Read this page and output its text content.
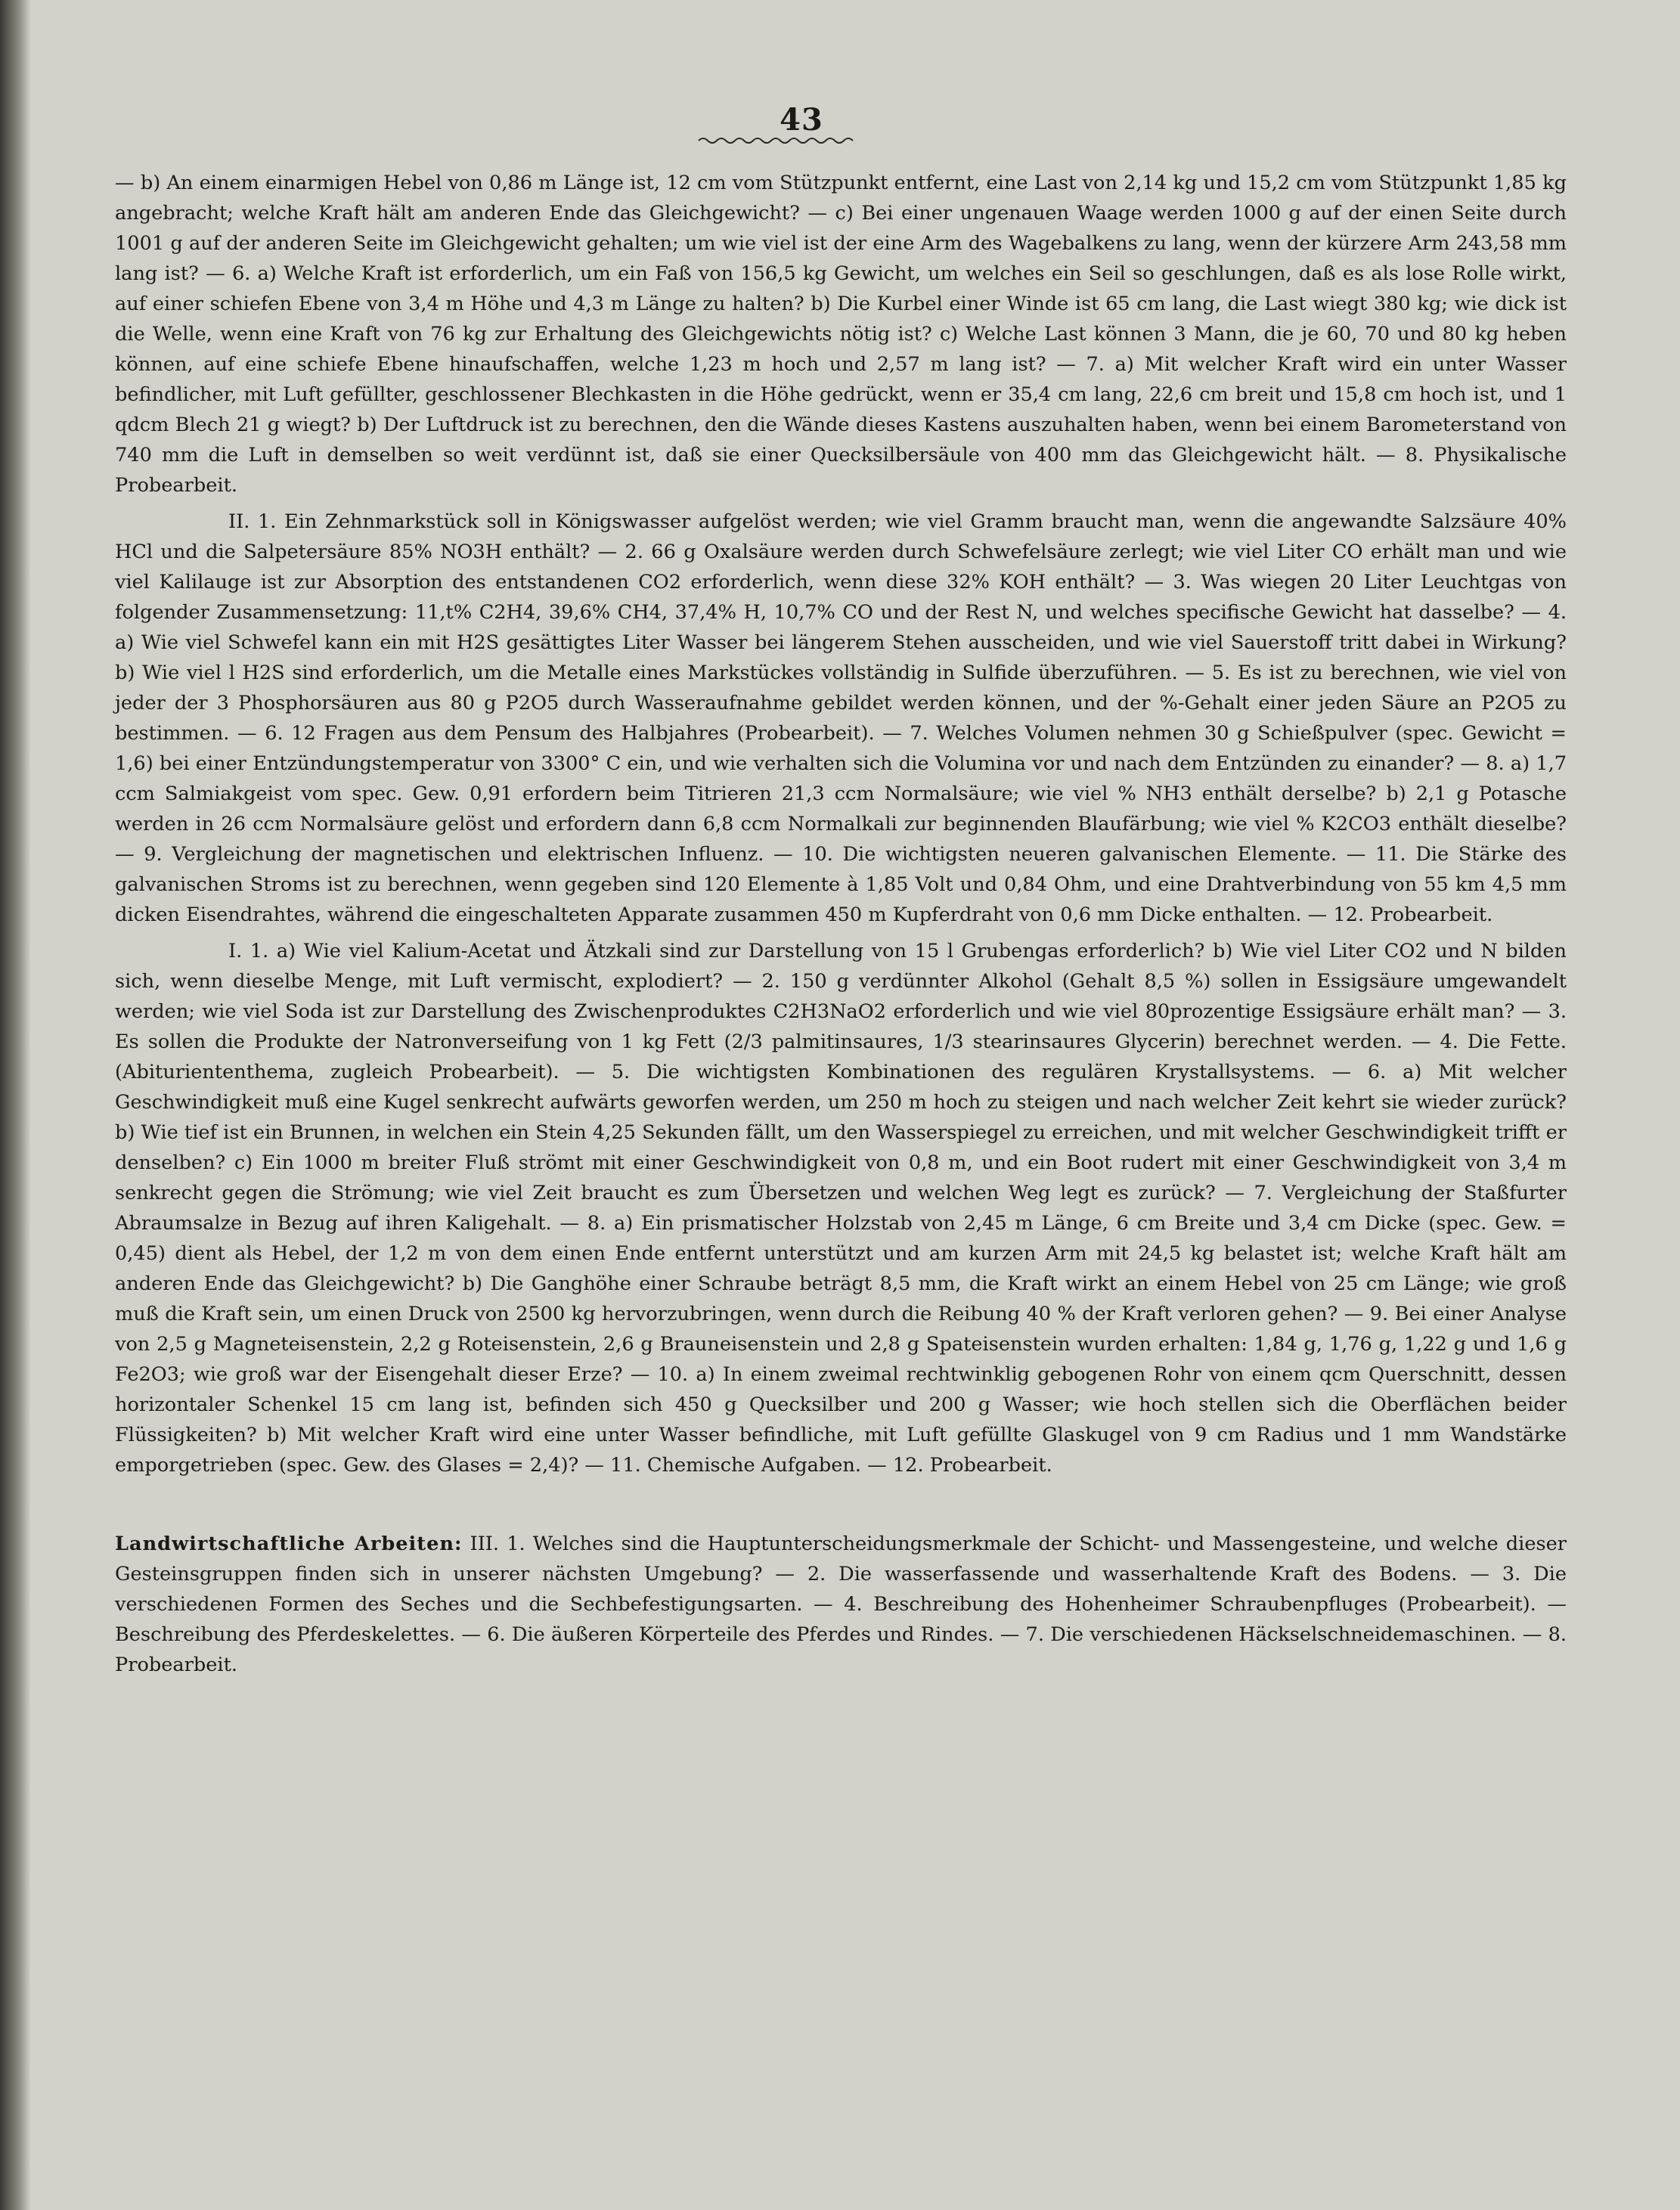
43

— b) An einem einarmigen Hebel von 0,86 m Länge ist, 12 cm vom Stützpunkt entfernt, eine Last von 2,14 kg und 15,2 cm vom Stützpunkt 1,85 kg angebracht; welche Kraft hält am anderen Ende das Gleichgewicht? — c) Bei einer ungenauen Waage werden 1000 g auf der einen Seite durch 1001 g auf der anderen Seite im Gleichgewicht gehalten; um wie viel ist der eine Arm des Wagebalkens zu lang, wenn der kürzere Arm 243,58 mm lang ist? — 6. a) Welche Kraft ist erforderlich, um ein Faß von 156,5 kg Gewicht, um welches ein Seil so geschlungen, daß es als lose Rolle wirkt, auf einer schiefen Ebene von 3,4 m Höhe und 4,3 m Länge zu halten? b) Die Kurbel einer Winde ist 65 cm lang, die Last wiegt 380 kg; wie dick ist die Welle, wenn eine Kraft von 76 kg zur Erhaltung des Gleichgewichts nötig ist? c) Welche Last können 3 Mann, die je 60, 70 und 80 kg heben können, auf eine schiefe Ebene hinaufschaffen, welche 1,23 m hoch und 2,57 m lang ist? — 7. a) Mit welcher Kraft wird ein unter Wasser befindlicher, mit Luft gefüllter, geschlossener Blechkasten in die Höhe gedrückt, wenn er 35,4 cm lang, 22,6 cm breit und 15,8 cm hoch ist, und 1 qdcm Blech 21 g wiegt? b) Der Luftdruck ist zu berechnen, den die Wände dieses Kastens auszuhalten haben, wenn bei einem Barometerstand von 740 mm die Luft in demselben so weit verdünnt ist, daß sie einer Quecksilbersäule von 400 mm das Gleichgewicht hält. — 8. Physikalische Probearbeit.

II. 1. Ein Zehnmarkstück soll in Königswasser aufgelöst werden; wie viel Gramm braucht man, wenn die angewandte Salzsäure 40% HCl und die Salpetersäure 85% NO3H enthält? — 2. 66 g Oxalsäure werden durch Schwefelsäure zerlegt; wie viel Liter CO erhält man und wie viel Kalilauge ist zur Absorption des entstandenen CO2 erforderlich, wenn diese 32% KOH enthält? — 3. Was wiegen 20 Liter Leuchtgas von folgender Zusammensetzung: 11,t% C2H4, 39,6% CH4, 37,4% H, 10,7% CO und der Rest N, und welches specifische Gewicht hat dasselbe? — 4. a) Wie viel Schwefel kann ein mit H2S gesättigtes Liter Wasser bei längerem Stehen ausscheiden, und wie viel Sauerstoff tritt dabei in Wirkung? b) Wie viel l H2S sind erforderlich, um die Metalle eines Markstückes vollständig in Sulfide überzuführen. — 5. Es ist zu berechnen, wie viel von jeder der 3 Phosphorsäuren aus 80 g P2O5 durch Wasseraufnahme gebildet werden können, und der %-Gehalt einer jeden Säure an P2O5 zu bestimmen. — 6. 12 Fragen aus dem Pensum des Halbjahres (Probearbeit). — 7. Welches Volumen nehmen 30 g Schießpulver (spec. Gewicht = 1,6) bei einer Entzündungstemperatur von 3300° C ein, und wie verhalten sich die Volumina vor und nach dem Entzünden zu einander? — 8. a) 1,7 ccm Salmiakgeist vom spec. Gew. 0,91 erfordern beim Titrieren 21,3 ccm Normalsäure; wie viel % NH3 enthält derselbe? b) 2,1 g Potasche werden in 26 ccm Normalsäure gelöst und erfordern dann 6,8 ccm Normalkali zur beginnenden Blaufärbung; wie viel % K2CO3 enthält dieselbe? — 9. Vergleichung der magnetischen und elektrischen Influenz. — 10. Die wichtigsten neueren galvanischen Elemente. — 11. Die Stärke des galvanischen Stroms ist zu berechnen, wenn gegeben sind 120 Elemente à 1,85 Volt und 0,84 Ohm, und eine Drahtverbindung von 55 km 4,5 mm dicken Eisendrahtes, während die eingeschalteten Apparate zusammen 450 m Kupferdraht von 0,6 mm Dicke enthalten. — 12. Probearbeit.

I. 1. a) Wie viel Kalium-Acetat und Ätzkali sind zur Darstellung von 15 l Grubengas erforderlich? b) Wie viel Liter CO2 und N bilden sich, wenn dieselbe Menge, mit Luft vermischt, explodiert? — 2. 150 g verdünnter Alkohol (Gehalt 8,5 %) sollen in Essigsäure umgewandelt werden; wie viel Soda ist zur Darstellung des Zwischenproduktes C2H3NaO2 erforderlich und wie viel 80prozentige Essigsäure erhält man? — 3. Es sollen die Produkte der Natronverseifung von 1 kg Fett (2/3 palmitinsaures, 1/3 stearinsaures Glycerin) berechnet werden. — 4. Die Fette. (Abituriententhema, zugleich Probearbeit). — 5. Die wichtigsten Kombinationen des regulären Krystallsystems. — 6. a) Mit welcher Geschwindigkeit muß eine Kugel senkrecht aufwärts geworfen werden, um 250 m hoch zu steigen und nach welcher Zeit kehrt sie wieder zurück? b) Wie tief ist ein Brunnen, in welchen ein Stein 4,25 Sekunden fällt, um den Wasserspiegel zu erreichen, und mit welcher Geschwindigkeit trifft er denselben? c) Ein 1000 m breiter Fluß strömt mit einer Geschwindigkeit von 0,8 m, und ein Boot rudert mit einer Geschwindigkeit von 3,4 m senkrecht gegen die Strömung; wie viel Zeit braucht es zum Übersetzen und welchen Weg legt es zurück? — 7. Vergleichung der Staßfurter Abraumsalze in Bezug auf ihren Kaligehalt. — 8. a) Ein prismatischer Holzstab von 2,45 m Länge, 6 cm Breite und 3,4 cm Dicke (spec. Gew. = 0,45) dient als Hebel, der 1,2 m von dem einen Ende entfernt unterstützt und am kurzen Arm mit 24,5 kg belastet ist; welche Kraft hält am anderen Ende das Gleichgewicht? b) Die Ganghöhe einer Schraube beträgt 8,5 mm, die Kraft wirkt an einem Hebel von 25 cm Länge; wie groß muß die Kraft sein, um einen Druck von 2500 kg hervorzubringen, wenn durch die Reibung 40 % der Kraft verloren gehen? — 9. Bei einer Analyse von 2,5 g Magneteisenstein, 2,2 g Roteisenstein, 2,6 g Brauneisenstein und 2,8 g Spateisenstein wurden erhalten: 1,84 g, 1,76 g, 1,22 g und 1,6 g Fe2O3; wie groß war der Eisengehalt dieser Erze? — 10. a) In einem zweimal rechtwinklig gebogenen Rohr von einem qcm Querschnitt, dessen horizontaler Schenkel 15 cm lang ist, befinden sich 450 g Quecksilber und 200 g Wasser; wie hoch stellen sich die Oberflächen beider Flüssigkeiten? b) Mit welcher Kraft wird eine unter Wasser befindliche, mit Luft gefüllte Glaskugel von 9 cm Radius und 1 mm Wandstärke emporgetrieben (spec. Gew. des Glases = 2,4)? — 11. Chemische Aufgaben. — 12. Probearbeit.

Landwirtschaftliche Arbeiten: III. 1. Welches sind die Hauptunterscheidungsmerkmale der Schicht- und Massengesteine, und welche dieser Gesteinsgruppen finden sich in unserer nächsten Umgebung? — 2. Die wasserfassende und wasserhaltende Kraft des Bodens. — 3. Die verschiedenen Formen des Seches und die Sechbefestigungsarten. — 4. Beschreibung des Hohenheimer Schraubenpfluges (Probearbeit). — Beschreibung des Pferdeskelettes. — 6. Die äußeren Körperteile des Pferdes und Rindes. — 7. Die verschiedenen Häckselschneidemaschinen. — 8. Probearbeit.
